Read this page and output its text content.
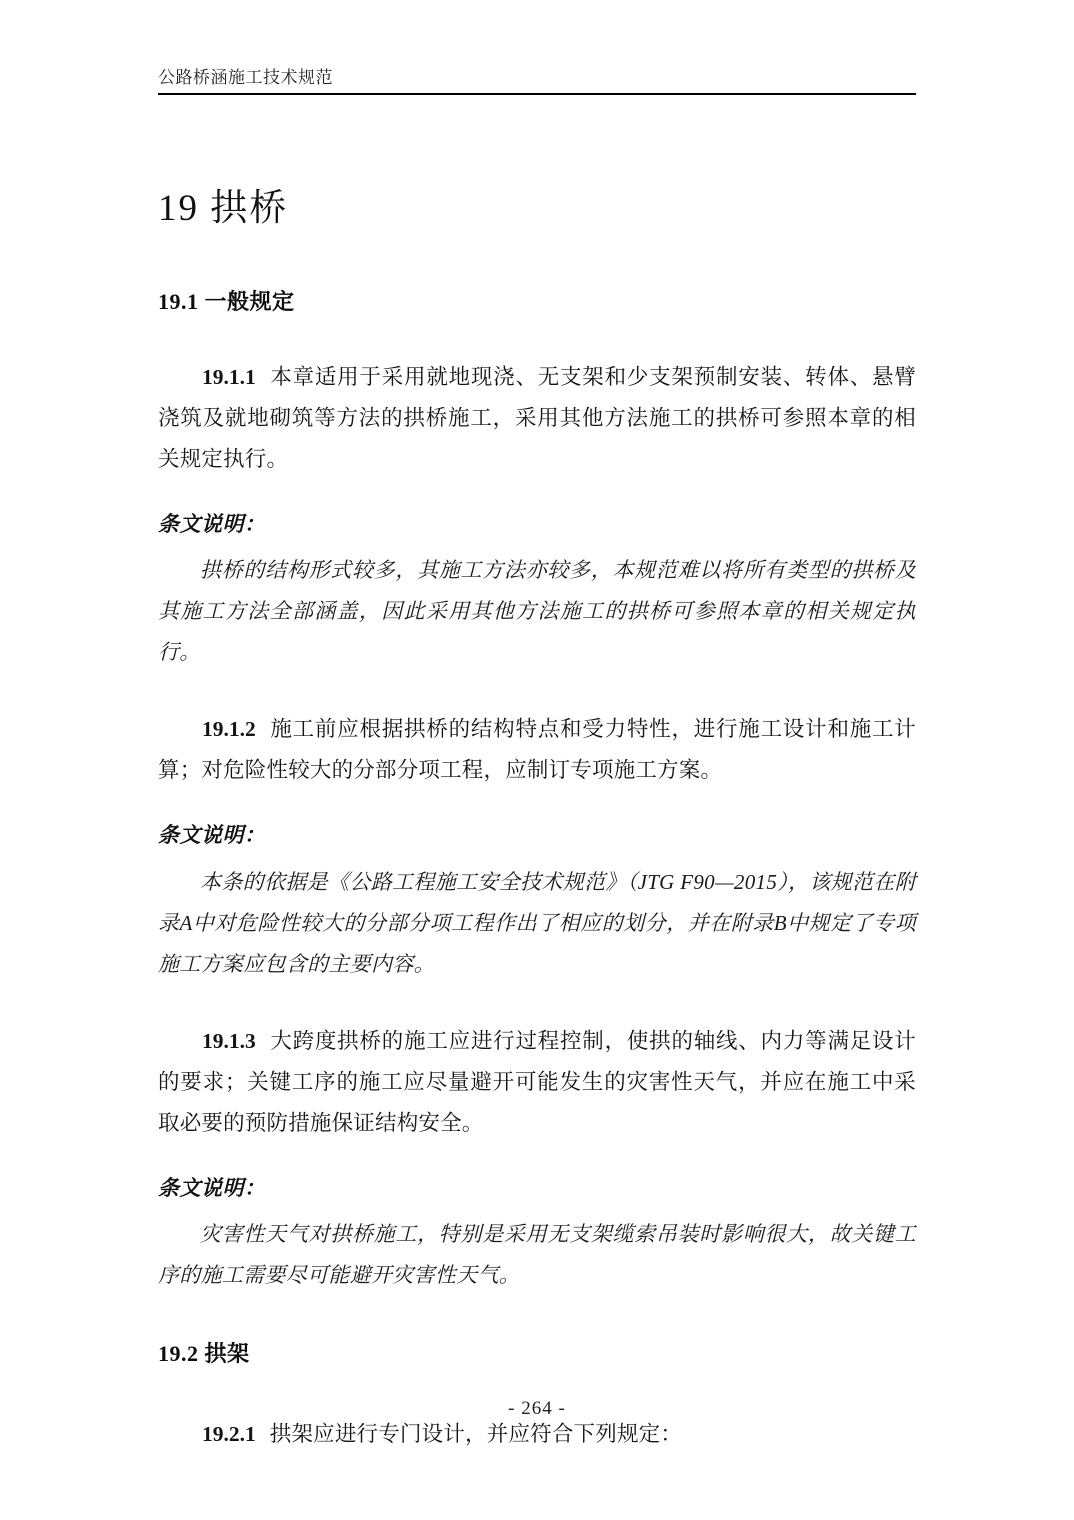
公路桥涵施工技术规范
19 拱桥
19.1 一般规定

19.1.1 本章适用于采用就地现浇、无支架和少支架预制安装、转体、悬臂浇筑及就地砌筑等方法的拱桥施工，采用其他方法施工的拱桥可参照本章的相关规定执行。

条文说明：

拱桥的结构形式较多，其施工方法亦较多，本规范难以将所有类型的拱桥及其施工方法全部涵盖，因此采用其他方法施工的拱桥可参照本章的相关规定执行。

19.1.2 施工前应根据拱桥的结构特点和受力特性，进行施工设计和施工计算；对危险性较大的分部分项工程，应制订专项施工方案。

条文说明：

本条的依据是《公路工程施工安全技术规范》（JTG F90—2015），该规范在附录A中对危险性较大的分部分项工程作出了相应的划分，并在附录B中规定了专项施工方案应包含的主要内容。

19.1.3 大跨度拱桥的施工应进行过程控制，使拱的轴线、内力等满足设计的要求；关键工序的施工应尽量避开可能发生的灾害性天气，并应在施工中采取必要的预防措施保证结构安全。

条文说明：

灾害性天气对拱桥施工，特别是采用无支架缆索吊装时影响很大，故关键工序的施工需要尽可能避开灾害性天气。

19.2 拱架

19.2.1 拱架应进行专门设计，并应符合下列规定：

- 264 -
